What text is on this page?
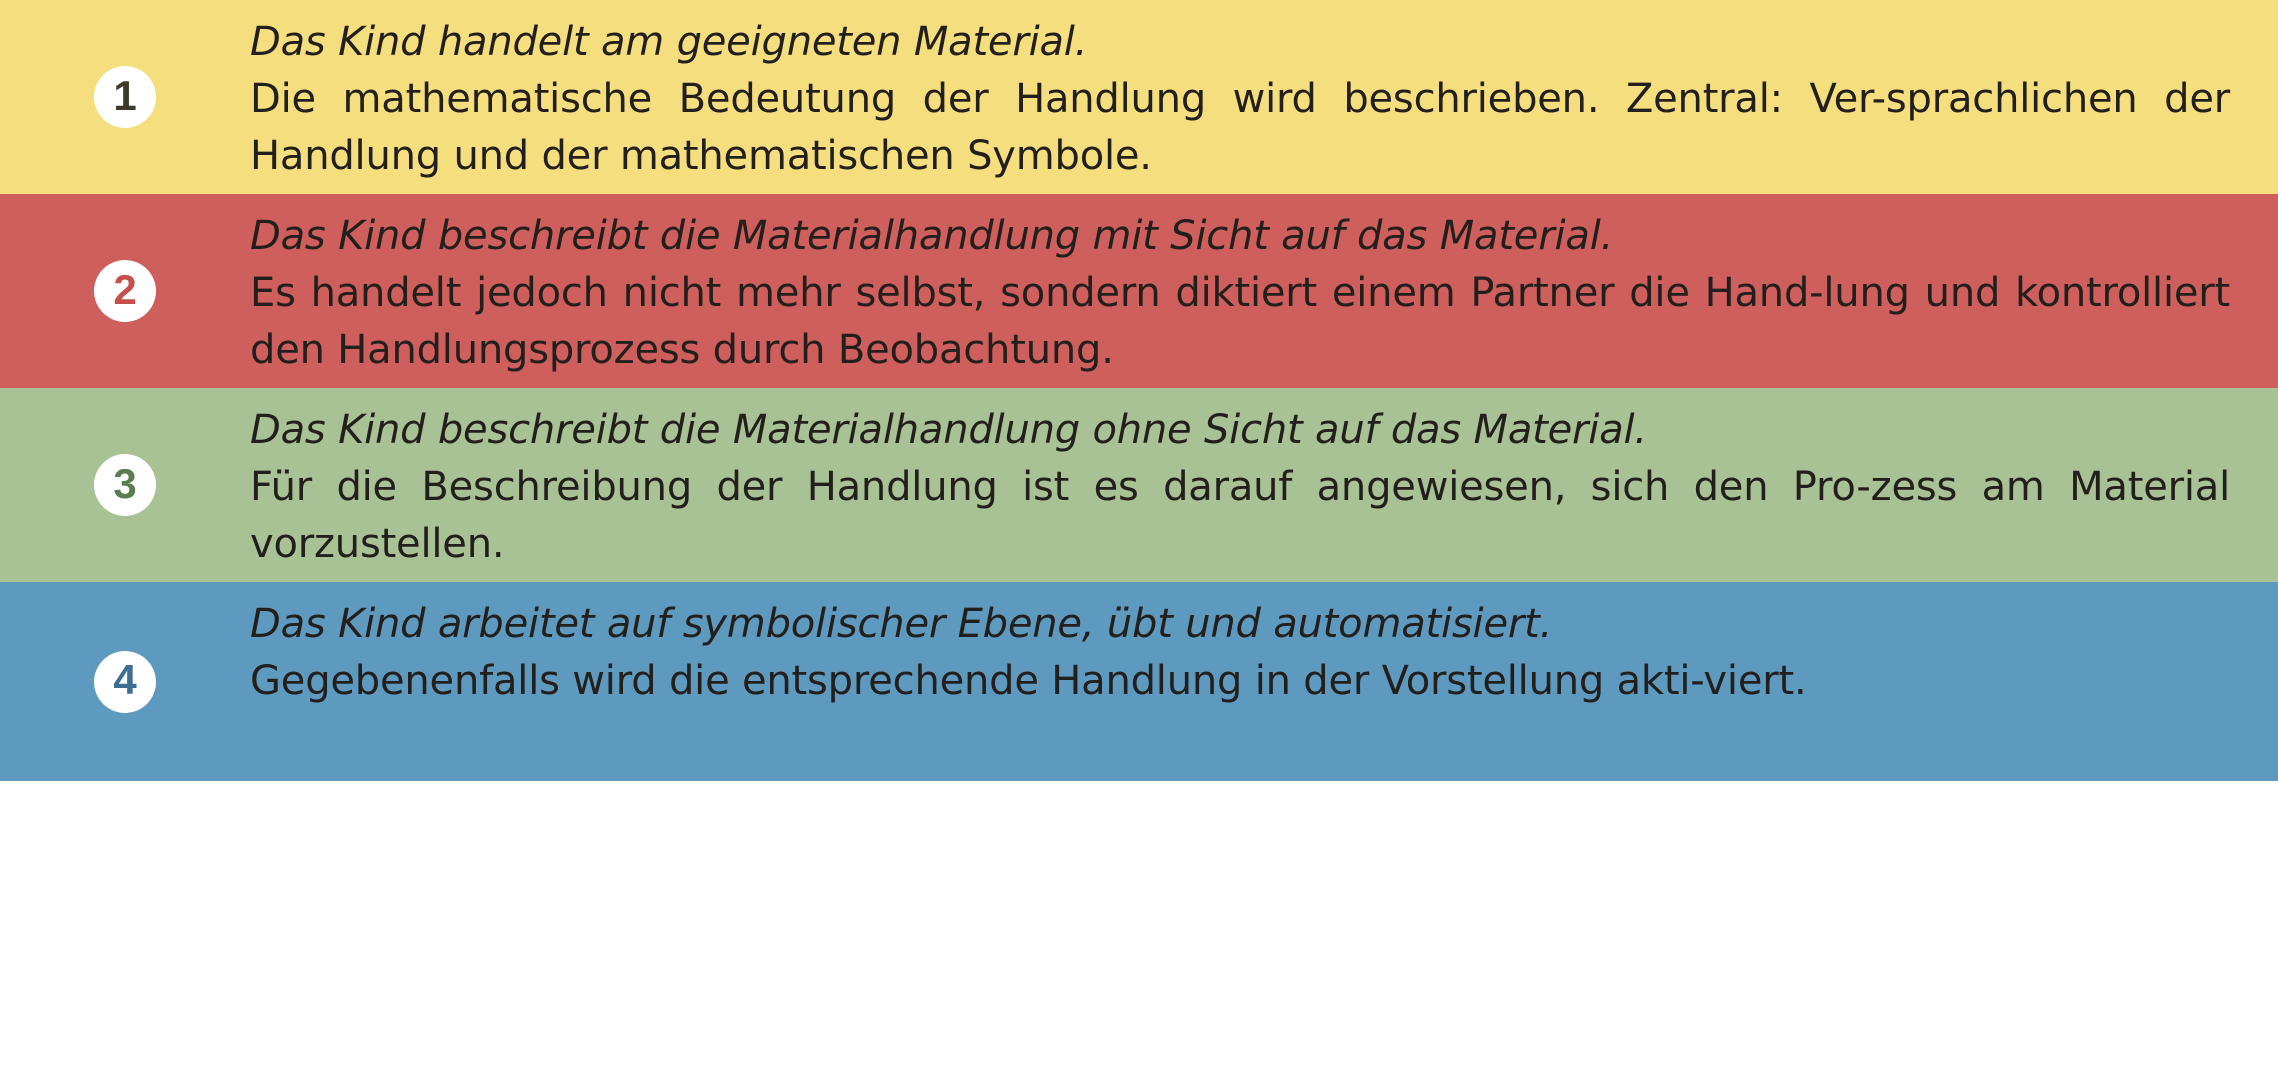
1
Das Kind handelt am geeigneten Material.
Die mathematische Bedeutung der Handlung wird beschrieben. Zentral: Ver-sprachlichen der Handlung und der mathematischen Symbole.
2
Das Kind beschreibt die Materialhandlung mit Sicht auf das Material.
Es handelt jedoch nicht mehr selbst, sondern diktiert einem Partner die Hand-lung und kontrolliert den Handlungsprozess durch Beobachtung.
3
Das Kind beschreibt die Materialhandlung ohne Sicht auf das Material.
Für die Beschreibung der Handlung ist es darauf angewiesen, sich den Pro-zess am Material vorzustellen.
4
Das Kind arbeitet auf symbolischer Ebene, übt und automatisiert.
Gegebenenfalls wird die entsprechende Handlung in der Vorstellung akti-viert.
